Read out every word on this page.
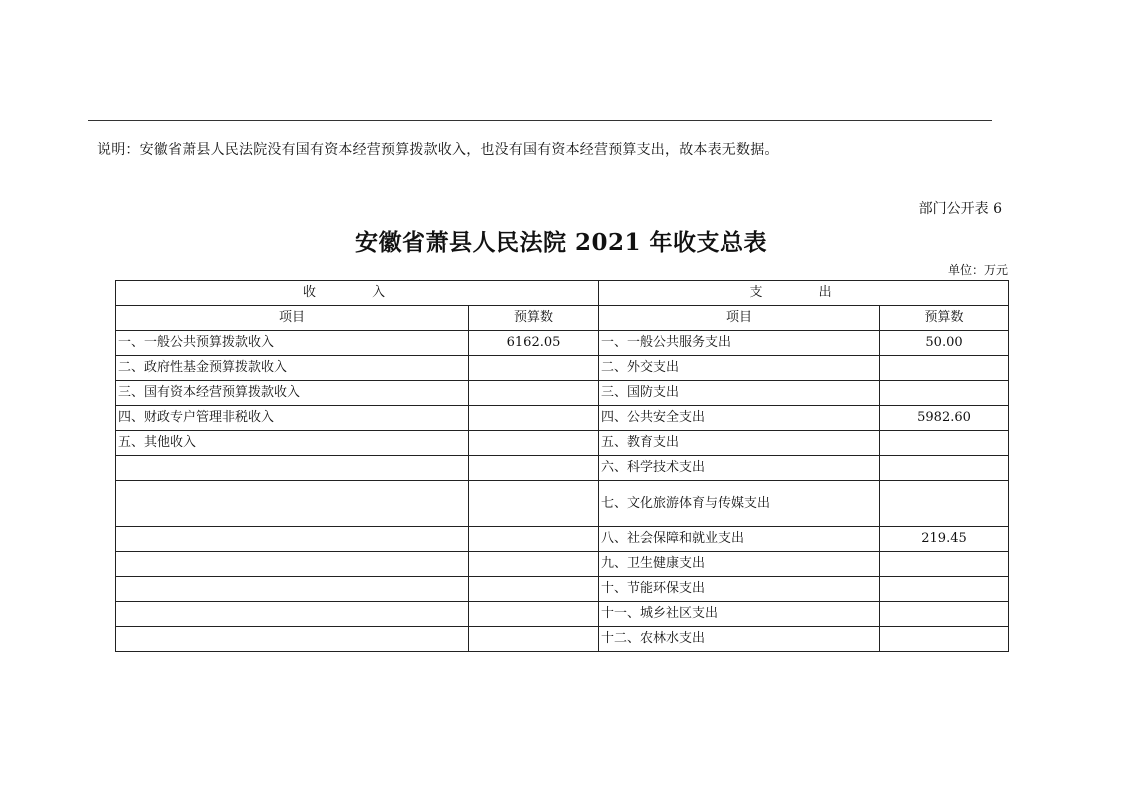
说明：安徽省萧县人民法院没有国有资本经营预算拨款收入，也没有国有资本经营预算支出，故本表无数据。
部门公开表 6
安徽省萧县人民法院 2021 年收支总表
单位：万元
收 入		支 出	
项目	预算数	项目	预算数
一、一般公共预算拨款收入	6162.05	一、一般公共服务支出	50.00
二、政府性基金预算拨款收入		二、外交支出	
三、国有资本经营预算拨款收入		三、国防支出	
四、财政专户管理非税收入		四、公共安全支出	5982.60
五、其他收入		五、教育支出	
		六、科学技术支出	
		七、文化旅游体育与传媒支出	
		八、社会保障和就业支出	219.45
		九、卫生健康支出	
		十、节能环保支出	
		十一、城乡社区支出	
		十二、农林水支出	
